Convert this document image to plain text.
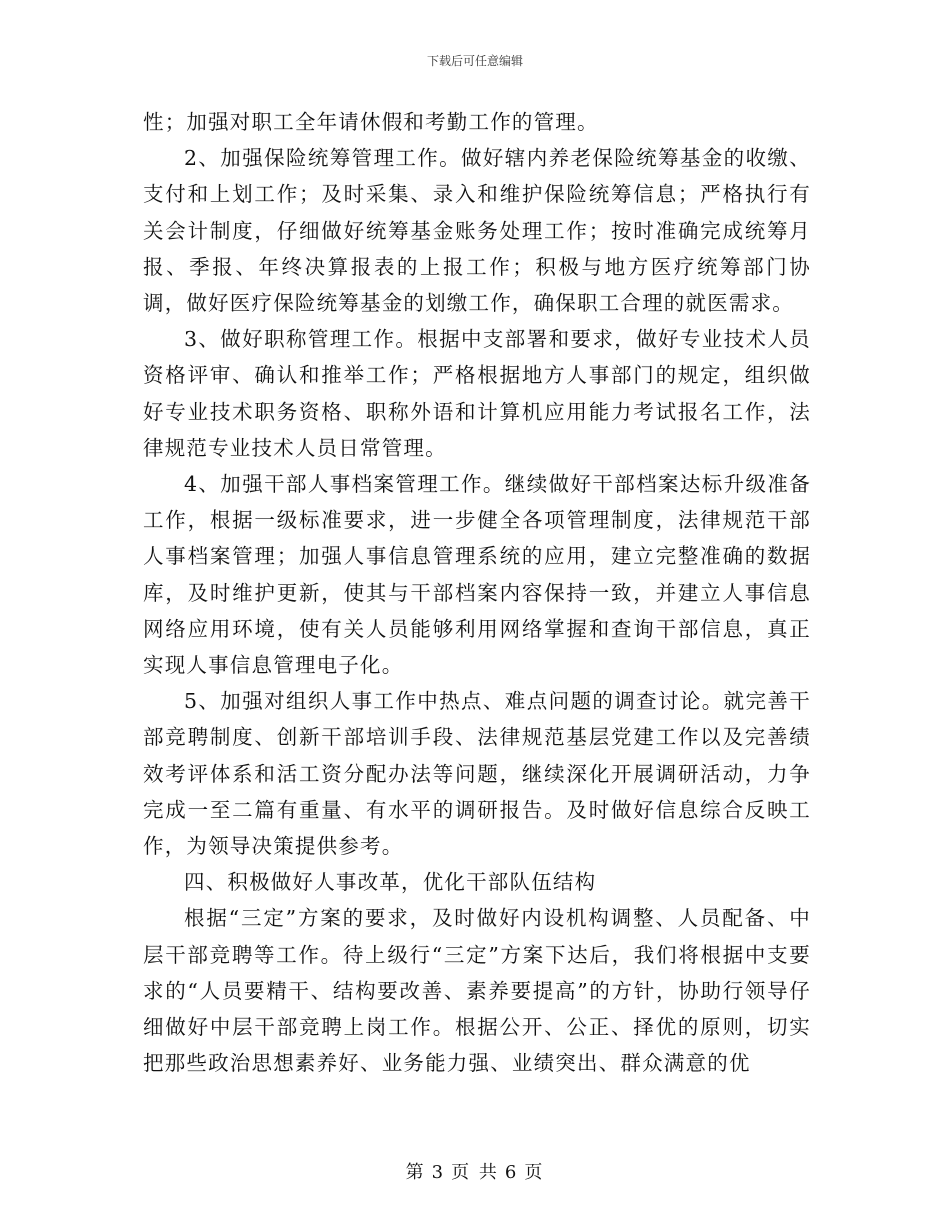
下载后可任意编辑

性；加强对职工全年请休假和考勤工作的管理。

2、加强保险统筹管理工作。做好辖内养老保险统筹基金的收缴、支付和上划工作；及时采集、录入和维护保险统筹信息；严格执行有关会计制度，仔细做好统筹基金账务处理工作；按时准确完成统筹月报、季报、年终决算报表的上报工作；积极与地方医疗统筹部门协调，做好医疗保险统筹基金的划缴工作，确保职工合理的就医需求。

3、做好职称管理工作。根据中支部署和要求，做好专业技术人员资格评审、确认和推举工作；严格根据地方人事部门的规定，组织做好专业技术职务资格、职称外语和计算机应用能力考试报名工作，法律规范专业技术人员日常管理。

4、加强干部人事档案管理工作。继续做好干部档案达标升级准备工作，根据一级标准要求，进一步健全各项管理制度，法律规范干部人事档案管理；加强人事信息管理系统的应用，建立完整准确的数据库，及时维护更新，使其与干部档案内容保持一致，并建立人事信息网络应用环境，使有关人员能够利用网络掌握和查询干部信息，真正实现人事信息管理电子化。

5、加强对组织人事工作中热点、难点问题的调查讨论。就完善干部竞聘制度、创新干部培训手段、法律规范基层党建工作以及完善绩效考评体系和活工资分配办法等问题，继续深化开展调研活动，力争完成一至二篇有重量、有水平的调研报告。及时做好信息综合反映工作，为领导决策提供参考。

四、积极做好人事改革，优化干部队伍结构

根据“三定”方案的要求，及时做好内设机构调整、人员配备、中层干部竞聘等工作。待上级行“三定”方案下达后，我们将根据中支要求的“人员要精干、结构要改善、素养要提高”的方针，协助行领导仔细做好中层干部竞聘上岗工作。根据公开、公正、择优的原则，切实把那些政治思想素养好、业务能力强、业绩突出、群众满意的优

第 3 页 共 6 页
